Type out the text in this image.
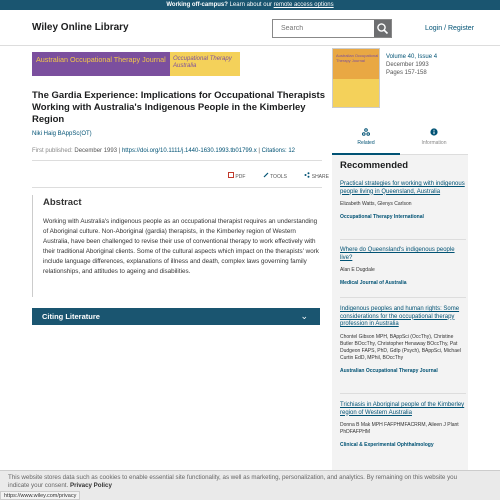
Working off-campus? Learn about our remote access options
Wiley Online Library
Search	Login / Register
Australian Occupational Therapy Journal	Occupational Therapy Australia
The Gardia Experience: Implications for Occupational Therapists Working with Australia's Indigenous People in the Kimberley Region
Niki Haig BAppSc(OT)
First published: December 1993 | https://doi.org/10.1111/j.1440-1630.1993.tb01799.x | Citations: 12
PDF	TOOLS	SHARE
Abstract

Working with Australia's indigenous people as an occupational therapist requires an understanding of Aboriginal culture. Non-Aboriginal (gardia) therapists, in the Kimberley region of Western Australia, have been challenged to revise their use of conventional therapy to work effectively with their traditional Aboriginal clients. Some of the cultural aspects which impact on the therapists' work include language differences, explanations of illness and death, complex laws governing family relationships, and attitudes to ageing and disabilities.

Citing Literature	⌄
Australian Occupational Therapy Journal
Volume 40, Issue 4
December 1993
Pages 157-158
Related	Information
Recommended
Practical strategies for working with indigenous people living in Queensland, Australia
Elizabeth Watts, Glenys Carlson
Occupational Therapy International
Where do Queensland's indigenous people live?
Alan E Dugdale
Medical Journal of Australia
Indigenous peoples and human rights: Some considerations for the occupational therapy profession in Australia
Chontel Gibson MPH, BAppSci (OccThy), Christine Butler BOccThy, Christopher Henaway BOccThy, Pat Dudgeon FAPS, PhD, GdIp (Psych), BAppSci, Michael Curtin EdD, MPhil, BOccThy
Australian Occupational Therapy Journal
Trichiasis in Aboriginal people of the Kimberley region of Western Australia
Donna B Mak MPH FAFPHMFACRRM, Aileen J Plant PhDFAFPHM
Clinical & Experimental Ophthalmology
This website stores data such as cookies to enable essential site functionality, as well as marketing, personalization, and analytics. By remaining on this website you indicate your consent. Privacy Policy
https://www.wiley.com/privacy
